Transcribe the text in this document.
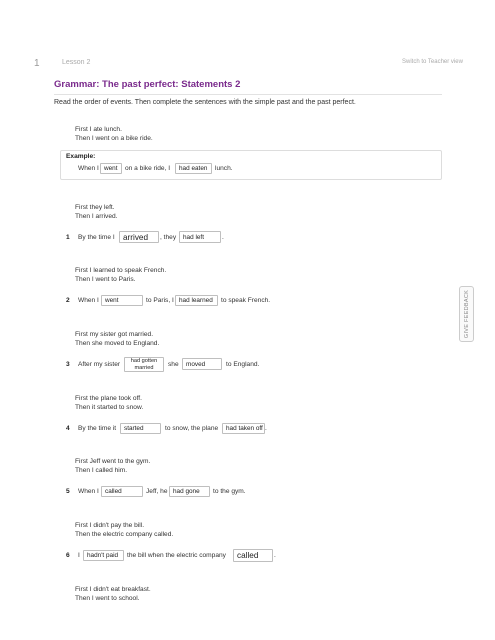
1	Lesson 2	Switch to Teacher view
Grammar: The past perfect: Statements 2
Read the order of events. Then complete the sentences with the simple past and the past perfect.
First I ate lunch.
Then I went on a bike ride.
Example:
When I went	on a bike ride, I	had eaten	lunch.
First they left.
Then I arrived.
1 By the time I	arrived	, they	had left	.
First I learned to speak French.
Then I went to Paris.
2 When I went	to Paris, I had learned	to speak French.
First my sister got married.
Then she moved to England.
3 After my sister had gotten
married she	moved	to England.
First the plane took off.
Then it started to snow.
4 By the time it	started	to snow, the plane	had taken off .
First Jeff went to the gym.
Then I called him.
5 When I called	Jeff, he had gone	to the gym.
First I didn't pay the bill.
Then the electric company called.
6 I	hadn't paid	the bill when the electric company	called	.
First I didn't eat breakfast.
Then I went to school.
GIVE FEEDBACK
